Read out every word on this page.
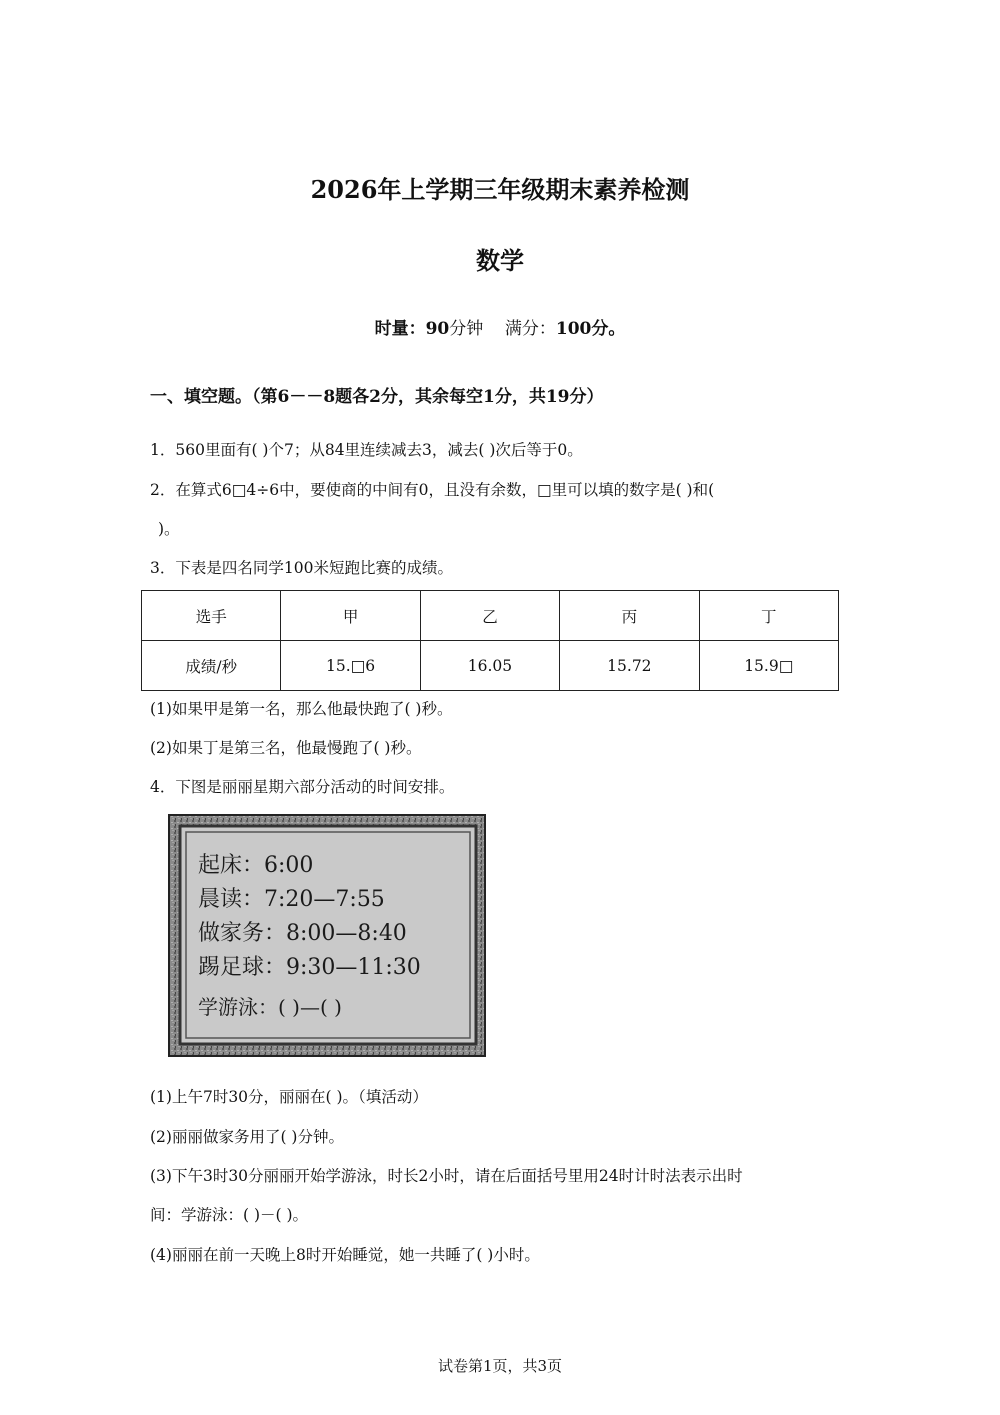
2026年上学期三年级期末素养检测
数学
时量：90分钟 满分：100分。
一、填空题。（第6－－8题各2分，其余每空1分，共19分）
1．560里面有( )个7；从84里连续减去3，减去( )次后等于0。
2．在算式6□4÷6中，要使商的中间有0，且没有余数，□里可以填的数字是( )和(
)。
3．下表是四名同学100米短跑比赛的成绩。
选手	甲	乙	丙	丁
成绩/秒	15.□6	16.05	15.72	15.9□
(1)如果甲是第一名，那么他最快跑了( )秒。
(2)如果丁是第三名，他最慢跑了( )秒。
4．下图是丽丽星期六部分活动的时间安排。
起床：6:00
晨读：7:20—7:55
做家务：8:00—8:40
踢足球：9:30—11:30
学游泳：( )—( )
(1)上午7时30分，丽丽在( )。（填活动）
(2)丽丽做家务用了( )分钟。
(3)下午3时30分丽丽开始学游泳，时长2小时，请在后面括号里用24时计时法表示出时
间：学游泳：( )－( )。
(4)丽丽在前一天晚上8时开始睡觉，她一共睡了( )小时。
试卷第1页，共3页
